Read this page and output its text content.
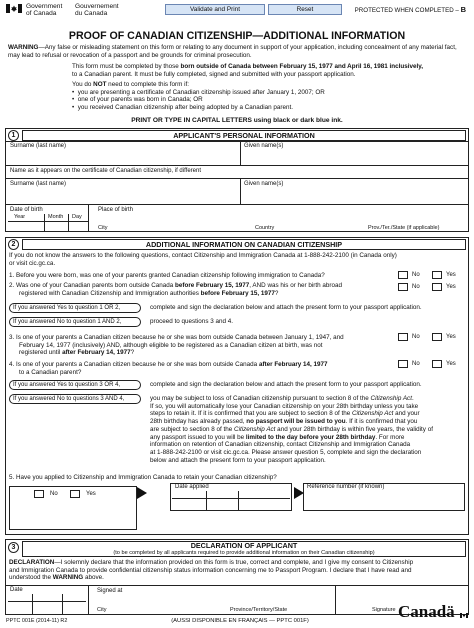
Government
of Canada
Gouvernement
du Canada
Validate and Print	Reset	PROTECTED WHEN COMPLETED – B
PROOF OF CANADIAN CITIZENSHIP—ADDITIONAL INFORMATION
WARNING—Any false or misleading statement on this form or relating to any document in support of your application, including concealment of any material fact, may lead to refusal or revocation of a passport and be grounds for criminal prosecution.
This form must be completed by those born outside of Canada between February 15, 1977 and April 16, 1981 inclusively,
to a Canadian parent. It must be fully completed, signed and submitted with your passport application.
You do NOT need to complete this form if:
•  you are presenting a certificate of Canadian citizenship issued after January 1, 2007; OR
•  one of your parents was born in Canada; OR
•  you received Canadian citizenship after being adopted by a Canadian parent.
PRINT OR TYPE IN CAPITAL LETTERS using black or dark blue ink.
1	APPLICANT'S PERSONAL INFORMATION
Surname (last name)	Given name(s)
Name as it appears on the certificate of Canadian citizenship, if different
Surname (last name)	Given name(s)
Date of birth
Year	Month Day
Place of birth
City	Country	Prov./Ter./State (if applicable)
2	ADDITIONAL INFORMATION ON CANADIAN CITIZENSHIP
If you do not know the answers to the following questions, contact Citizenship and Immigration Canada at 1-888-242-2100 (in Canada only)
or visit cic.gc.ca.
1. Before you were born, was one of your parents granted Canadian citizenship following immigration to Canada?	No	Yes
2. Was one of your Canadian parents born outside Canada before February 15, 1977, AND was his or her birth abroad
registered with Canadian Citizenship and Immigration authorities before February 15, 1977?
No	Yes
If you answered Yes to question 1 OR 2,	complete and sign the declaration below and attach the present form to your passport application.
If you answered No to question 1 AND 2,	proceed to questions 3 and 4.
3. Is one of your parents a Canadian citizen because he or she was born outside Canada between January 1, 1947, and
February 14, 1977 (inclusively) AND, although eligible to be registered as a Canadian citizen at birth, was not
registered until after February 14, 1977?
No	Yes
4. Is one of your parents a Canadian citizen because he or she was born outside Canada after February 14, 1977
to a Canadian parent?
No	Yes
If you answered Yes to question 3 OR 4,	complete and sign the declaration below and attach the present form to your passport application.
If you answered No to questions 3 AND 4,	you may be subject to loss of Canadian citizenship pursuant to section 8 of the Citizenship Act.
If so, you will automatically lose your Canadian citizenship on your 28th birthday unless you take
steps to retain it. If it is confirmed that you are subject to section 8 of the Citizenship Act and your
28th birthday has already passed, no passport will be issued to you. If it is confirmed that you
are subject to section 8 of the Citizenship Act and your 28th birthday is within five years, the validity of
any passport issued to you will be limited to the day before your 28th birthday. For more
information on retention of Canadian citizenship, contact Citizenship and Immigration Canada
at 1-888-242-2100 or visit cic.gc.ca. Please answer question 5, complete and sign the declaration
below and attach the present form to your passport application.
5. Have you applied to Citizenship and Immigration Canada to retain your Canadian citizenship?
No	Yes
Date applied	Reference number (if known)
3	DECLARATION OF APPLICANT
(to be completed by all applicants required to provide additional information on their Canadian citizenship)
DECLARATION—I solemnly declare that the information provided on this form is true, correct and complete, and I give my consent to Citizenship
and Immigration Canada to provide confidential citizenship status information concerning me to Passport Program. I declare that I have read and
understood the WARNING above.
Date	Signed at
City	Province/Territory/State	Signature
PPTC 001E (2014-11) R2	(AUSSI DISPONIBLE EN FRANÇAIS — PPTC 001F)	Canadä
